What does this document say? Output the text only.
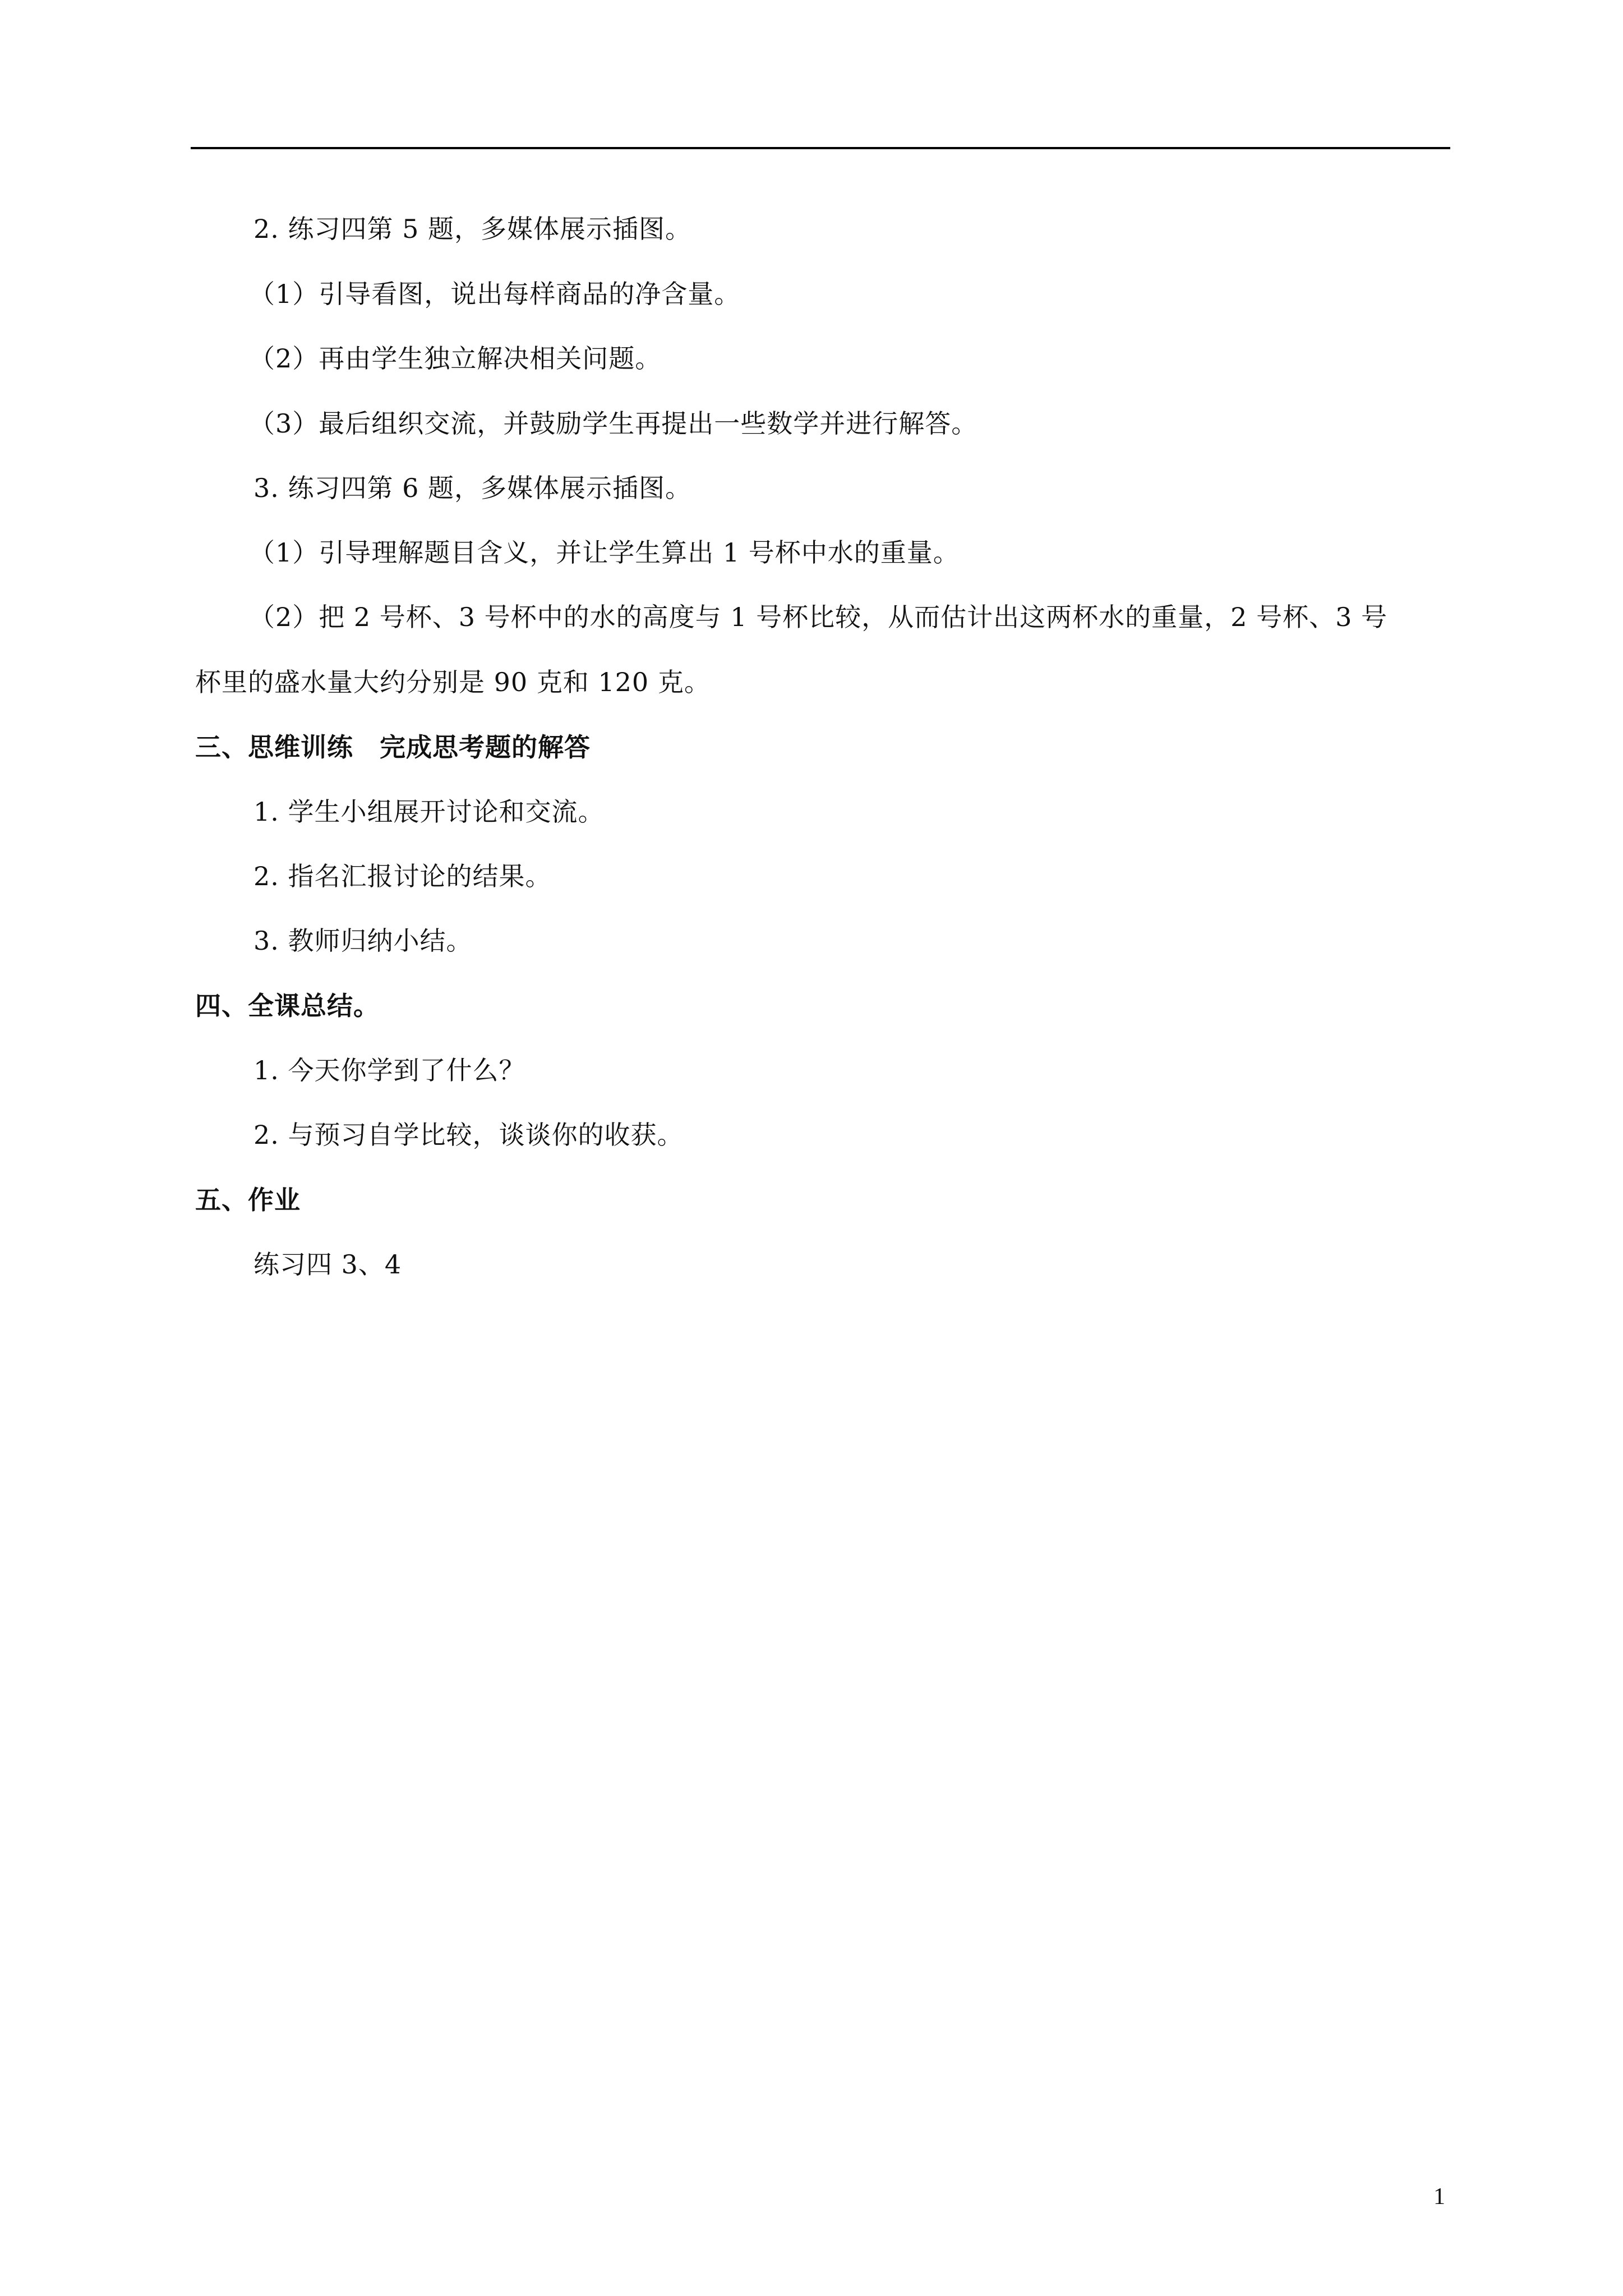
2. 练习四第 5 题，多媒体展示插图。

（1）引导看图，说出每样商品的净含量。

（2）再由学生独立解决相关问题。

（3）最后组织交流，并鼓励学生再提出一些数学并进行解答。

3. 练习四第 6 题，多媒体展示插图。

（1）引导理解题目含义，并让学生算出 1 号杯中水的重量。

（2）把 2 号杯、3 号杯中的水的高度与 1 号杯比较，从而估计出这两杯水的重量，2 号杯、3 号

杯里的盛水量大约分别是 90 克和 120 克。

三、思维训练　完成思考题的解答

1. 学生小组展开讨论和交流。

2. 指名汇报讨论的结果。

3. 教师归纳小结。

四、全课总结。

1. 今天你学到了什么？

2. 与预习自学比较，谈谈你的收获。

五、作业

练习四 3、4

1
